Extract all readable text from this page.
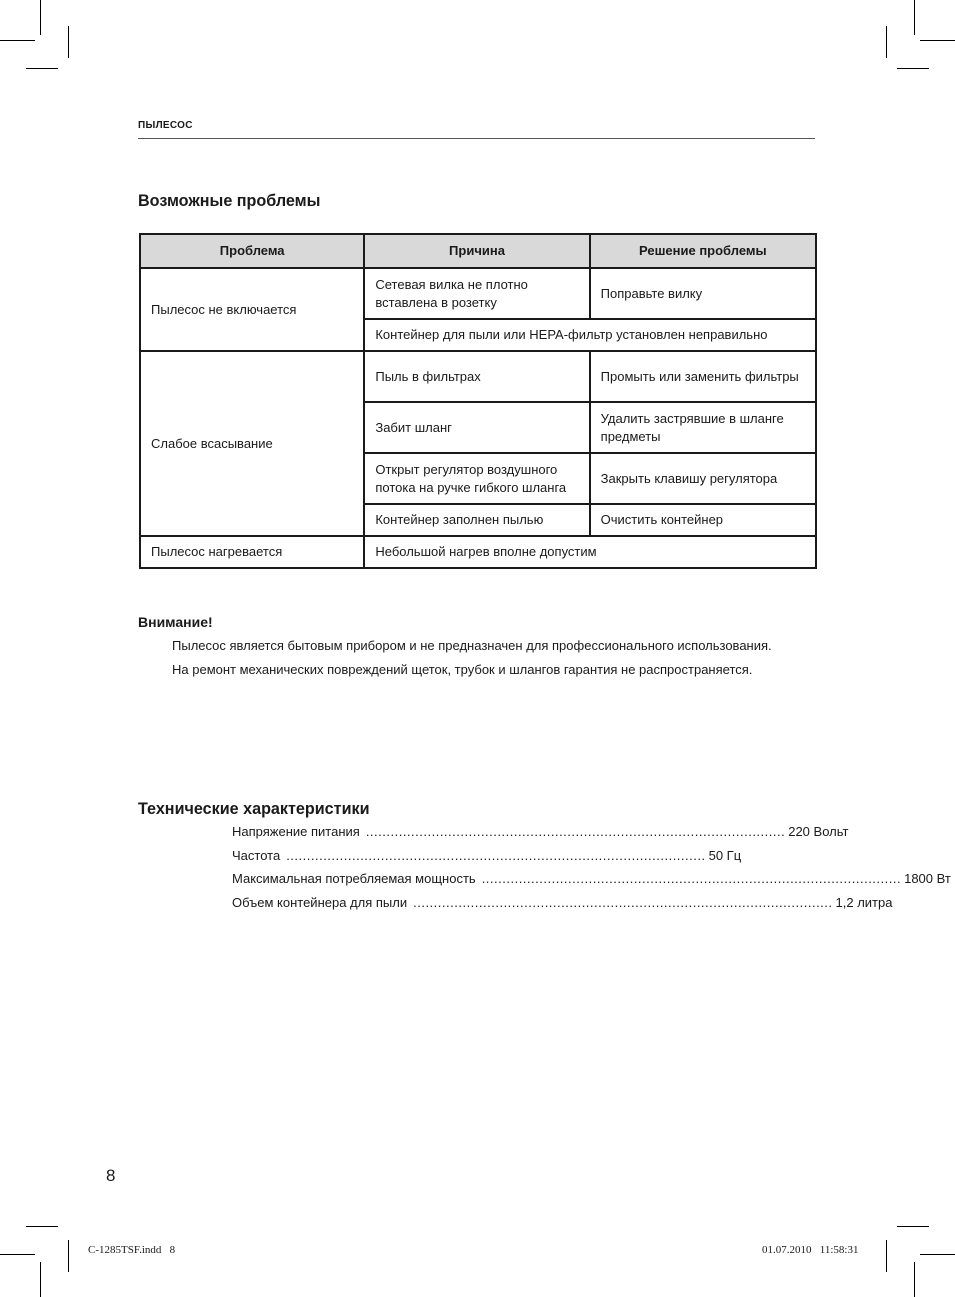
ПЫЛЕСОС
Возможные проблемы
Проблема	Причина	Решение проблемы
Пылесос не включается	Сетевая вилка не плотно вставлена в розетку	Поправьте вилку
	Контейнер для пыли или HEPA-фильтр установлен неправильно	
Слабое всасывание	Пыль в фильтрах	Промыть или заменить фильтры
	Забит шланг	Удалить застрявшие в шланге предметы
	Открыт регулятор воздушного потока на ручке гибкого шланга	Закрыть клавишу регулятора
	Контейнер заполнен пылью	Очистить контейнер
Пылесос нагревается	Небольшой нагрев вполне допустим	
Внимание!
Пылесос является бытовым прибором и не предназначен для профессионального использования.
На ремонт механических повреждений щеток, трубок и шлангов гарантия не распространяется.
Технические характеристики
Напряжение питания ...................................................................................................... 220 Вольт
Частота ...................................................................................................... 50 Гц
Максимальная потребляемая мощность ...................................................................................................... 1800 Вт
Объем контейнера для пыли ...................................................................................................... 1,2 литра
8
C-1285TSF.indd   8	01.07.2010   11:58:31
